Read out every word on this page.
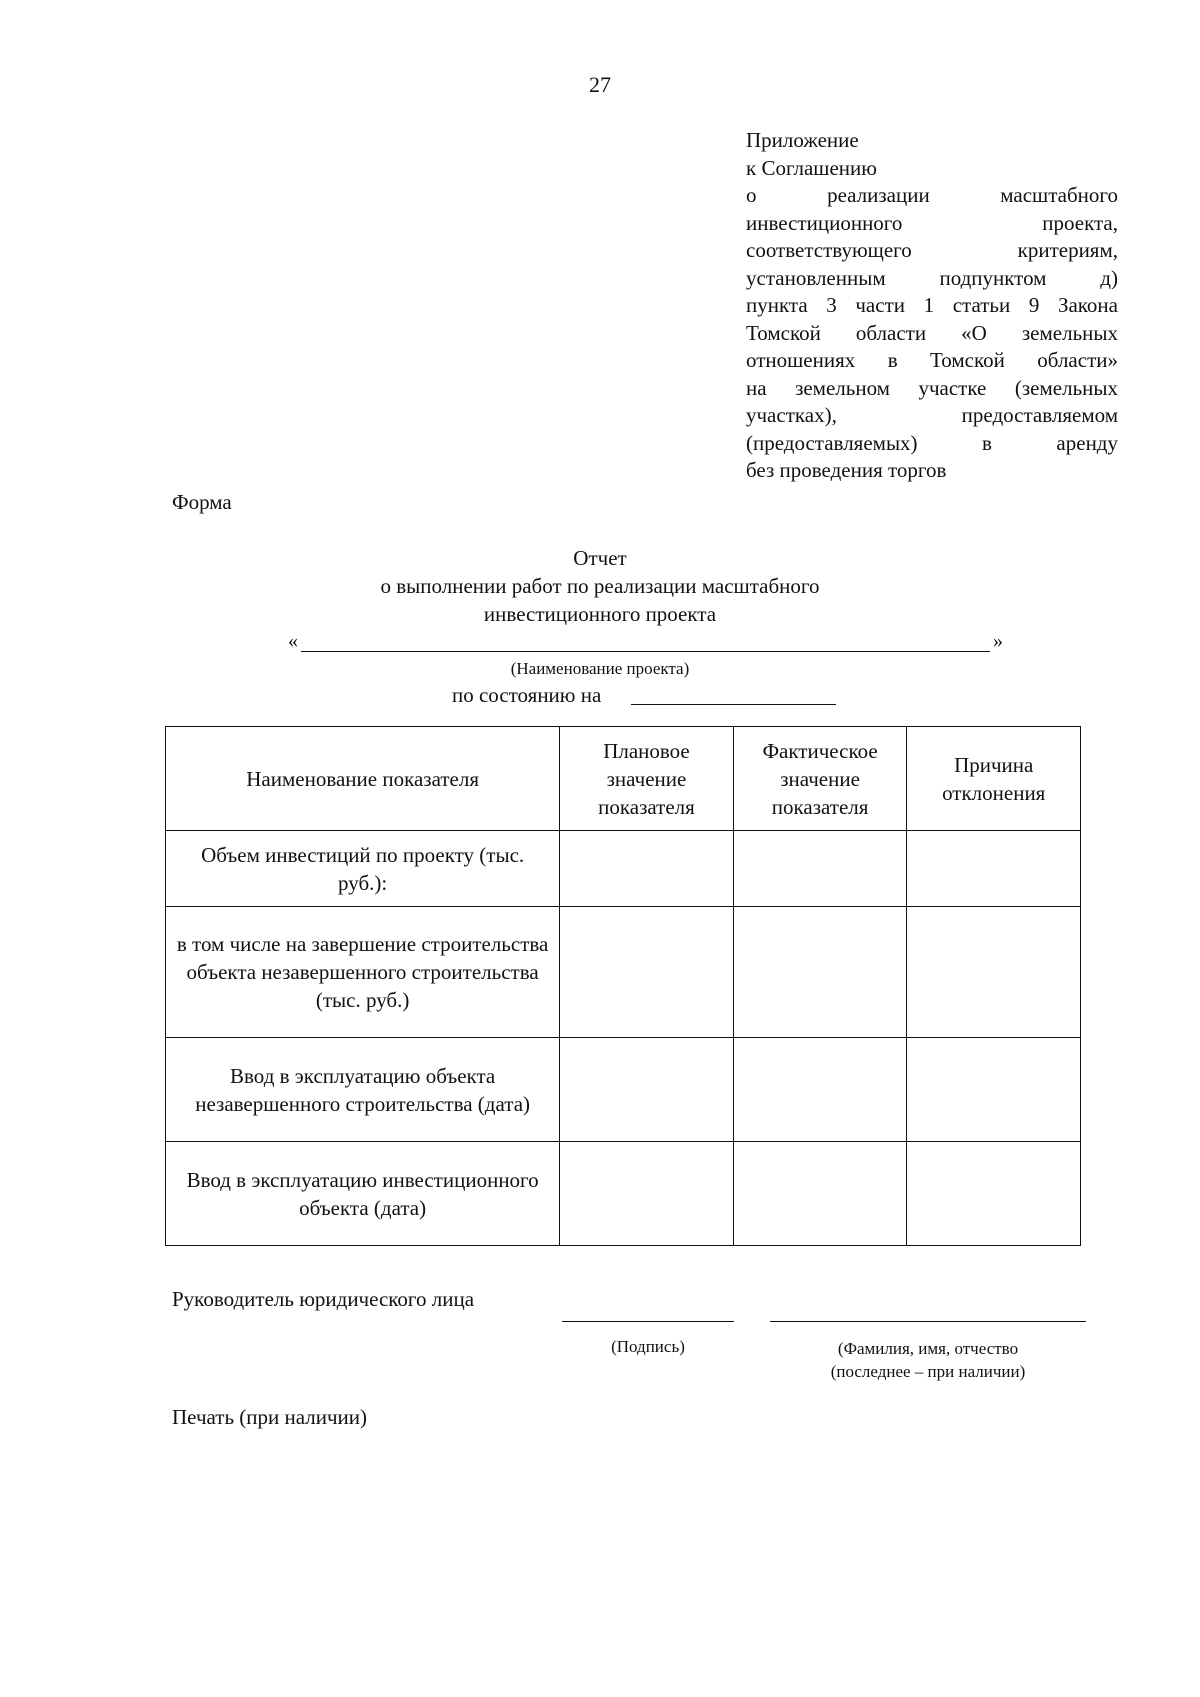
27
Приложение
к Соглашению
о реализации масштабного
инвестиционного проекта,
соответствующего критериям,
установленным подпунктом д)
пункта 3 части 1 статьи 9 Закона
Томской области «О земельных
отношениях в Томской области»
на земельном участке (земельных
участках), предоставляемом
(предоставляемых) в аренду
без проведения торгов
Форма
Отчет
о выполнении работ по реализации масштабного
инвестиционного проекта
«	»
(Наименование проекта)
по состоянию на
Наименование показателя	Плановое значение показателя	Фактическое значение показателя	Причина отклонения
Объем инвестиций по проекту (тыс. руб.):			
в том числе на завершение строительства объекта незавершенного строительства (тыс. руб.)			
Ввод в эксплуатацию объекта незавершенного строительства (дата)			
Ввод в эксплуатацию инвестиционного объекта (дата)			
Руководитель юридического лица
(Подпись)	(Фамилия, имя, отчество
(последнее – при наличии)
Печать (при наличии)
